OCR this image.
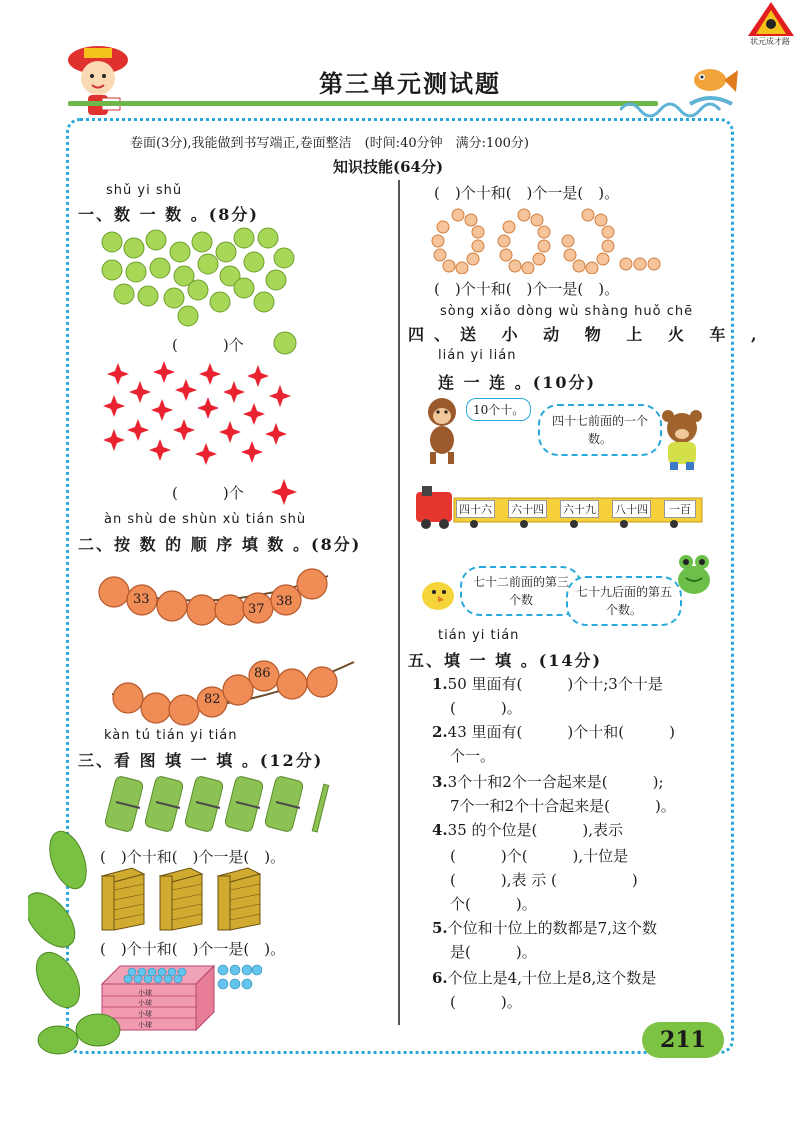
状元成才路
第三单元测试题
卷面(3分),我能做到书写端正,卷面整洁　(时间:40分钟　满分:100分)
知识技能(64分)
shǔ yi shǔ
一、数 一 数 。(8分)
(　　　)个
(　　　)个
àn shù de shùn xù tián shù
二、按 数 的 顺 序 填 数 。(8分)
33
37
38
82
86
kàn tú tián yi tián
三、看 图 填 一 填 。(12分)
(　)个十和(　)个一是(　)。
(　)个十和(　)个一是(　)。
小球
小球
小球
小球
(　)个十和(　)个一是(　)。
(　)个十和(　)个一是(　)。
sòng xiǎo dòng wù shàng huǒ chē
四、送 小 动 物 上 火 车 ,
lián yi lián
连 一 连 。(10分)
10个十。
四十七前面的一个数。
四十六 六十四 六十九 八十四	一百
七十二前面的第三个数
七十九后面的第五个数。
tián yi tián
五、填 一 填 。(14分)
1.50 里面有(　　　)个十;3个十是
(　　　)。
2.43 里面有(　　　)个十和(　　　)
个一。
3.3个十和2个一合起来是(　　　);
7个一和2个十合起来是(　　　)。
4.35 的个位是(　　　),表示
(　　　)个(　　　),十位是
(　　　),表 示 (　　　　　)
个(　　　)。
5.个位和十位上的数都是7,这个数
是(　　　)。
6.个位上是4,十位上是8,这个数是
(　　　)。
211
